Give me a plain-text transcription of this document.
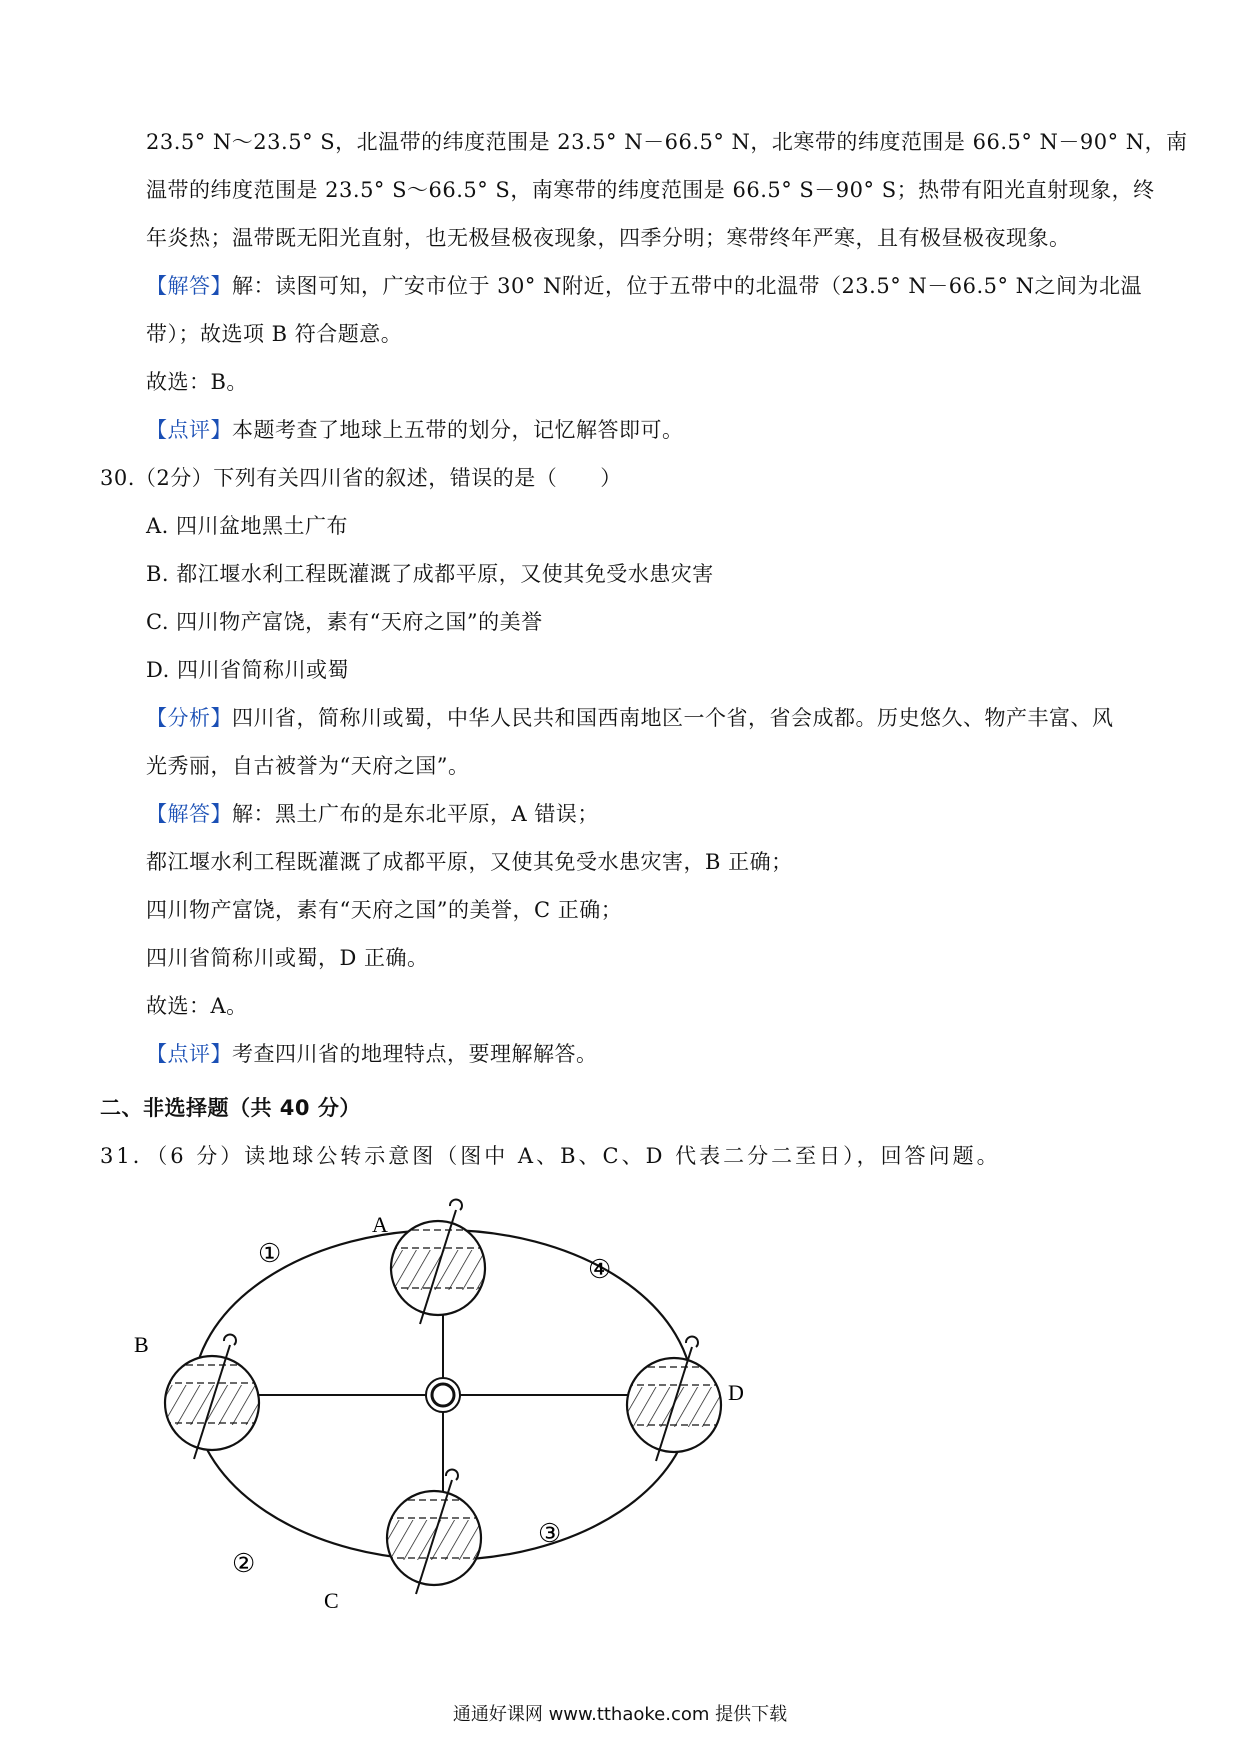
23.5° N～23.5° S，北温带的纬度范围是 23.5° N－66.5° N，北寒带的纬度范围是 66.5° N－90° N，南
温带的纬度范围是 23.5° S～66.5° S，南寒带的纬度范围是 66.5° S－90° S；热带有阳光直射现象，终
年炎热；温带既无阳光直射，也无极昼极夜现象，四季分明；寒带终年严寒，且有极昼极夜现象。
【解答】解：读图可知，广安市位于 30° N附近，位于五带中的北温带（23.5° N－66.5° N之间为北温
带）；故选项 B 符合题意。
故选：B。
【点评】本题考查了地球上五带的划分，记忆解答即可。
30.（2分）下列有关四川省的叙述，错误的是（　　）
A. 四川盆地黑土广布
B. 都江堰水利工程既灌溉了成都平原，又使其免受水患灾害
C. 四川物产富饶，素有“天府之国”的美誉
D. 四川省简称川或蜀
【分析】四川省，简称川或蜀，中华人民共和国西南地区一个省，省会成都。历史悠久、物产丰富、风
光秀丽，自古被誉为“天府之国”。
【解答】解：黑土广布的是东北平原，A 错误；
都江堰水利工程既灌溉了成都平原，又使其免受水患灾害，B 正确；
四川物产富饶，素有“天府之国”的美誉，C 正确；
四川省简称川或蜀，D 正确。
故选：A。
【点评】考查四川省的地理特点，要理解解答。
二、非选择题（共 40 分）
31．（6 分）读地球公转示意图（图中 A、B、C、D 代表二分二至日），回答问题。
A
B
C
D
①
②
③
④
通通好课网 www.tthaoke.com 提供下载
